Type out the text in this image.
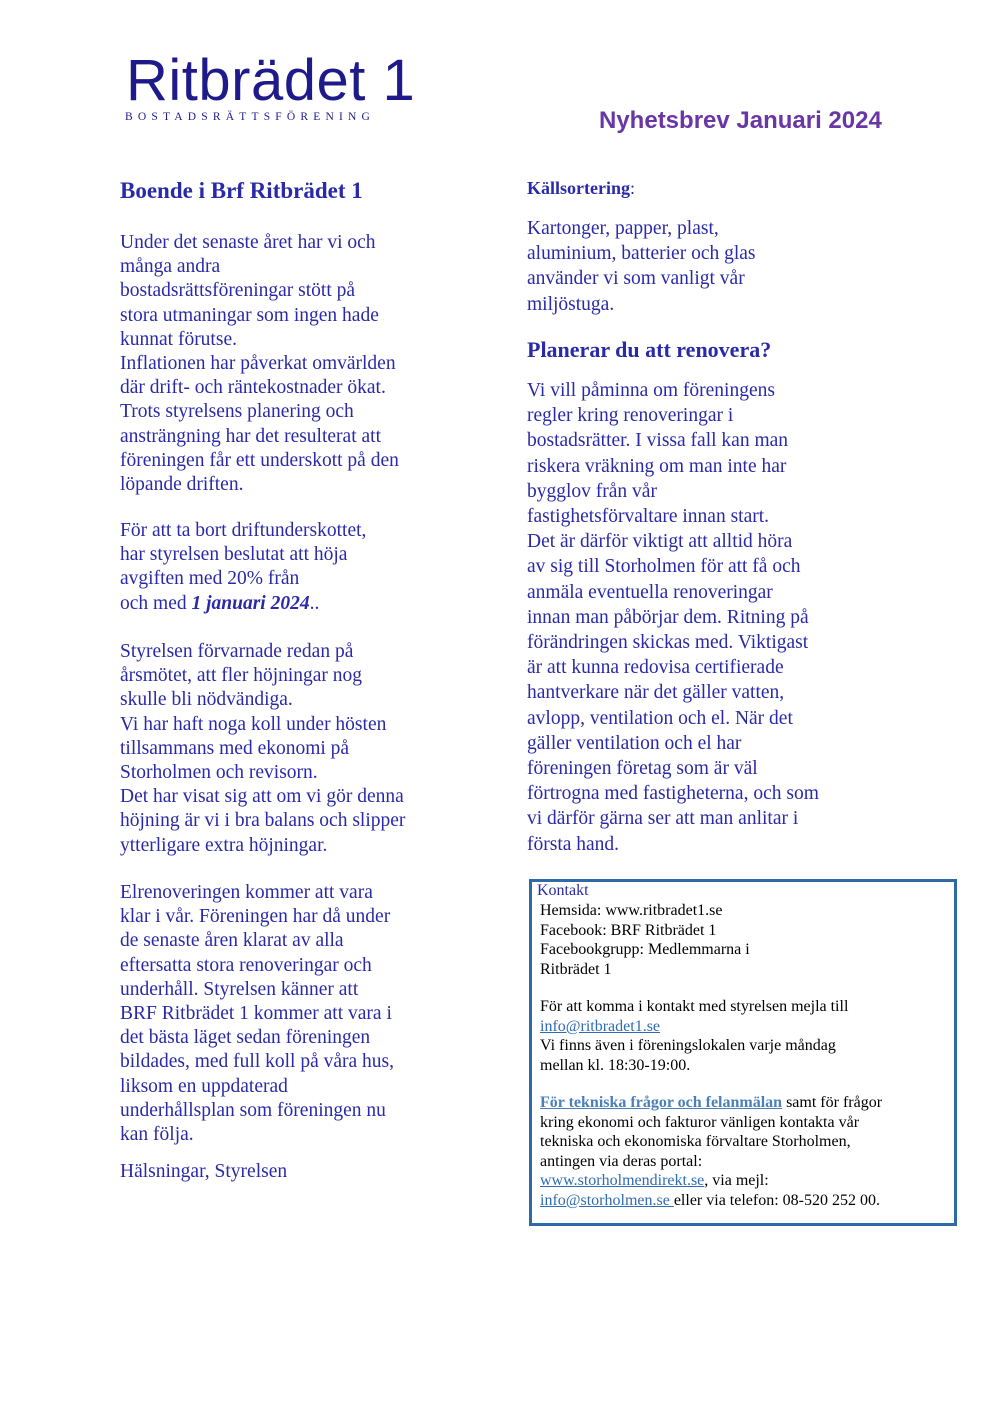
Ritbrädet 1
BOSTADSRÄTTSFÖRENING	Nyhetsbrev Januari 2024
Boende i Brf Ritbrädet 1
Under det senaste året har vi och
många andra
bostadsrättsföreningar stött på
stora utmaningar som ingen hade
kunnat förutse.
Inflationen har påverkat omvärlden
där drift- och räntekostnader ökat.
Trots styrelsens planering och
ansträngning har det resulterat att
föreningen får ett underskott på den
löpande driften.
För att ta bort driftunderskottet,
har styrelsen beslutat att höja
avgiften med 20% från
och med 1 januari 2024..
Styrelsen förvarnade redan på
årsmötet, att fler höjningar nog
skulle bli nödvändiga.
Vi har haft noga koll under hösten
tillsammans med ekonomi på
Storholmen och revisorn.
Det har visat sig att om vi gör denna
höjning är vi i bra balans och slipper
ytterligare extra höjningar.
Elrenoveringen kommer att vara
klar i vår. Föreningen har då under
de senaste åren klarat av alla
eftersatta stora renoveringar och
underhåll. Styrelsen känner att
BRF Ritbrädet 1 kommer att vara i
det bästa läget sedan föreningen
bildades, med full koll på våra hus,
liksom en uppdaterad
underhållsplan som föreningen nu
kan följa.
Hälsningar, Styrelsen
Källsortering:
Kartonger, papper, plast,
aluminium, batterier och glas
använder vi som vanligt vår
miljöstuga.
Planerar du att renovera?
Vi vill påminna om föreningens
regler kring renoveringar i
bostadsrätter. I vissa fall kan man
riskera vräkning om man inte har
bygglov från vår
fastighetsförvaltare innan start.
Det är därför viktigt att alltid höra
av sig till Storholmen för att få och
anmäla eventuella renoveringar
innan man påbörjar dem. Ritning på
förändringen skickas med. Viktigast
är att kunna redovisa certifierade
hantverkare när det gäller vatten,
avlopp, ventilation och el. När det
gäller ventilation och el har
föreningen företag som är väl
förtrogna med fastigheterna, och som
vi därför gärna ser att man anlitar i
första hand.
Kontakt
Hemsida: www.ritbradet1.se
Facebook: BRF Ritbrädet 1
Facebookgrupp: Medlemmarna i
Ritbrädet 1
För att komma i kontakt med styrelsen mejla till
info@ritbradet1.se
Vi finns även i föreningslokalen varje måndag
mellan kl. 18:30-19:00.
För tekniska frågor och felanmälan samt för frågor
kring ekonomi och fakturor vänligen kontakta vår
tekniska och ekonomiska förvaltare Storholmen,
antingen via deras portal:
www.storholmendirekt.se, via mejl:
info@storholmen.se eller via telefon: 08-520 252 00.
